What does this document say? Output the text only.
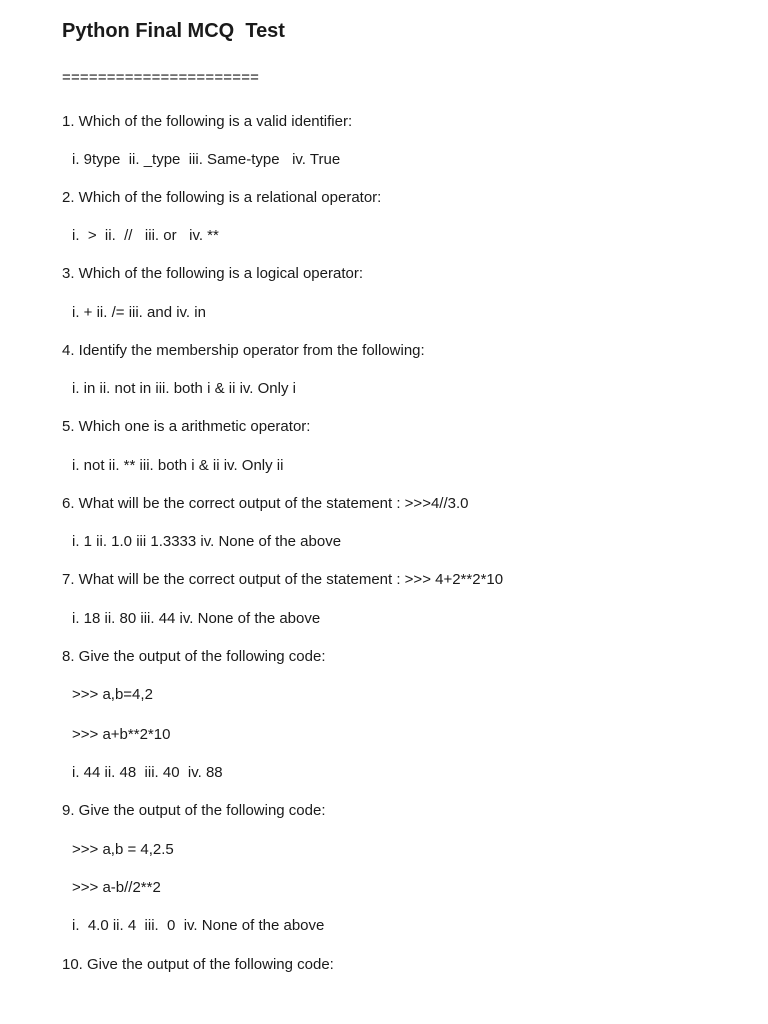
Python Final MCQ  Test
======================
1. Which of the following is a valid identifier:
i. 9type  ii. _type  iii. Same-type   iv. True
2. Which of the following is a relational operator:
i.  >  ii.  //   iii. or   iv. **
3. Which of the following is a logical operator:
i. + ii. /= iii. and iv. in
4. Identify the membership operator from the following:
i. in ii. not in iii. both i & ii iv. Only i
5. Which one is a arithmetic operator:
i. not ii. ** iii. both i & ii iv. Only ii
6. What will be the correct output of the statement : >>>4//3.0
i. 1 ii. 1.0 iii 1.3333 iv. None of the above
7. What will be the correct output of the statement : >>> 4+2**2*10
i. 18 ii. 80 iii. 44 iv. None of the above
8. Give the output of the following code:
>>> a,b=4,2
>>> a+b**2*10
i. 44 ii. 48  iii. 40  iv. 88
9. Give the output of the following code:
>>> a,b = 4,2.5
>>> a-b//2**2
i.  4.0 ii. 4  iii.  0  iv. None of the above
10. Give the output of the following code:
